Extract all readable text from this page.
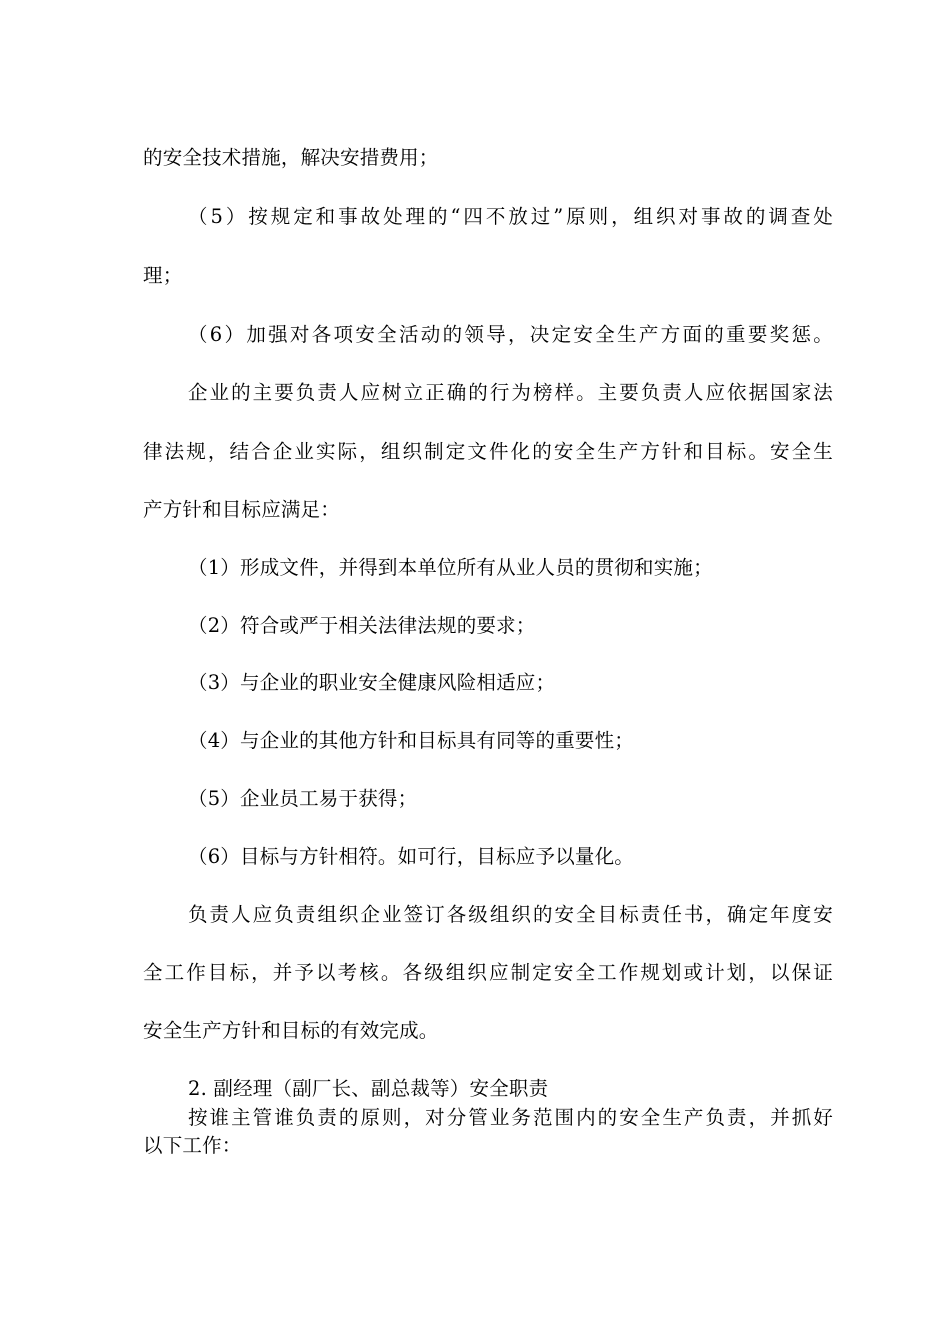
的安全技术措施，解决安措费用；
（5）按规定和事故处理的“四不放过”原则，组织对事故的调查处
理；
（6）加强对各项安全活动的领导，决定安全生产方面的重要奖惩。
企业的主要负责人应树立正确的行为榜样。主要负责人应依据国家法
律法规，结合企业实际，组织制定文件化的安全生产方针和目标。安全生
产方针和目标应满足：
（1）形成文件，并得到本单位所有从业人员的贯彻和实施；
（2）符合或严于相关法律法规的要求；
（3）与企业的职业安全健康风险相适应；
（4）与企业的其他方针和目标具有同等的重要性；
（5）企业员工易于获得；
（6）目标与方针相符。如可行，目标应予以量化。
负责人应负责组织企业签订各级组织的安全目标责任书，确定年度安
全工作目标，并予以考核。各级组织应制定安全工作规划或计划，以保证
安全生产方针和目标的有效完成。
2. 副经理（副厂长、副总裁等）安全职责
按谁主管谁负责的原则，对分管业务范围内的安全生产负责，并抓好
以下工作：
